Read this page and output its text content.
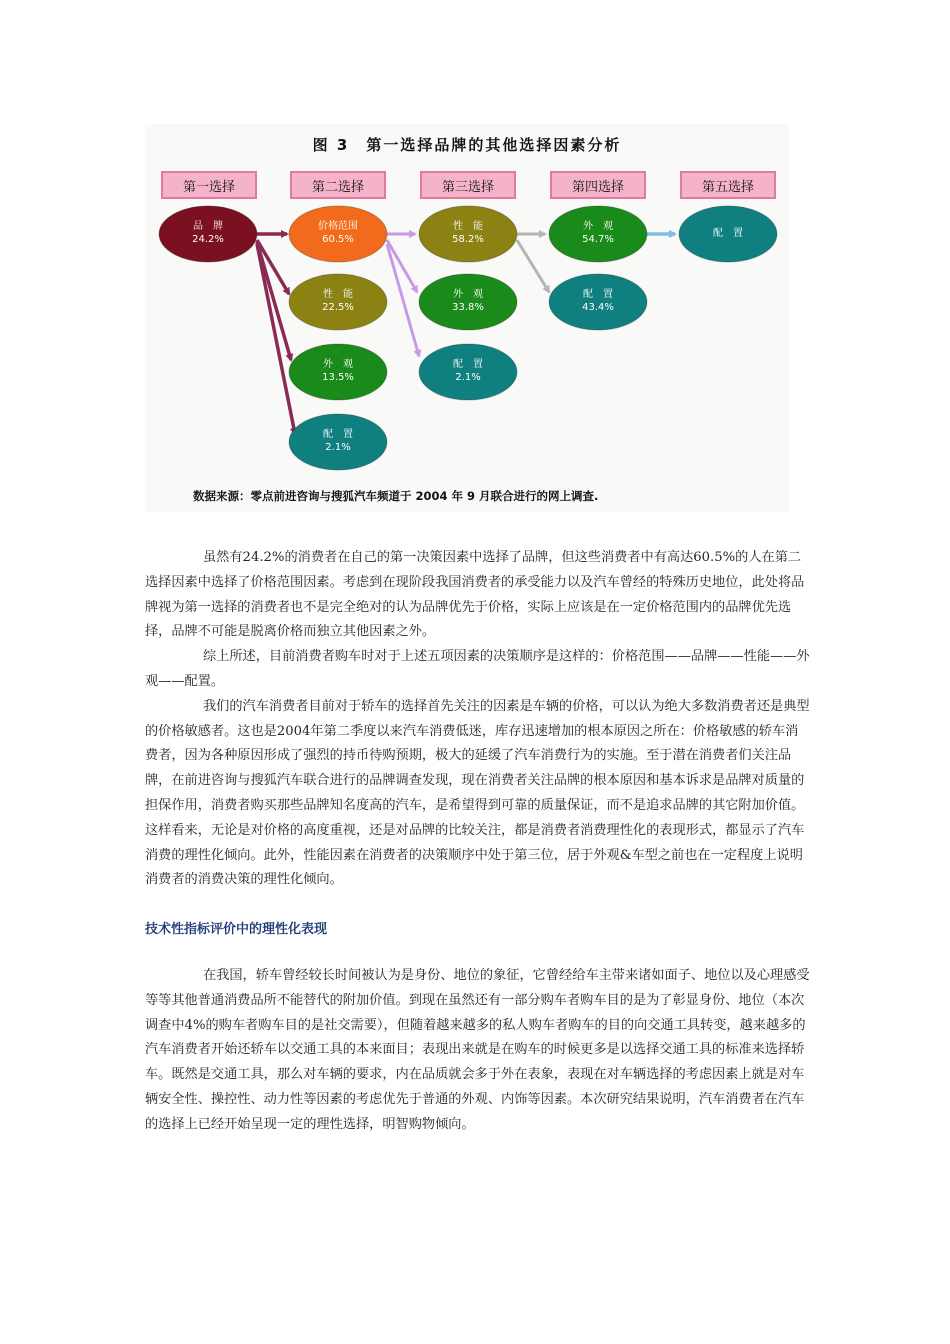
图 3　第一选择品牌的其他选择因素分析
第一选择	第二选择	第三选择	第四选择	第五选择
品　牌
24.2%
价格范围
60.5%
性　能
22.5%
外　观
13.5%
配　置
2.1%
性　能
58.2%
外　观
33.8%
配　置
2.1%
外　观
54.7%
配　置
43.4%
配　置
数据来源：零点前进咨询与搜狐汽车频道于 2004 年 9 月联合进行的网上调查.

虽然有24.2%的消费者在自己的第一决策因素中选择了品牌，但这些消费者中有高达60.5%的人在第二选择因素中选择了价格范围因素。考虑到在现阶段我国消费者的承受能力以及汽车曾经的特殊历史地位，此处将品牌视为第一选择的消费者也不是完全绝对的认为品牌优先于价格，实际上应该是在一定价格范围内的品牌优先选择，品牌不可能是脱离价格而独立其他因素之外。

综上所述，目前消费者购车时对于上述五项因素的决策顺序是这样的：价格范围——品牌——性能——外观——配置。

我们的汽车消费者目前对于轿车的选择首先关注的因素是车辆的价格，可以认为绝大多数消费者还是典型的价格敏感者。这也是2004年第二季度以来汽车消费低迷，库存迅速增加的根本原因之所在：价格敏感的轿车消费者，因为各种原因形成了强烈的持币待购预期，极大的延缓了汽车消费行为的实施。至于潜在消费者们关注品牌，在前进咨询与搜狐汽车联合进行的品牌调查发现，现在消费者关注品牌的根本原因和基本诉求是品牌对质量的担保作用，消费者购买那些品牌知名度高的汽车，是希望得到可靠的质量保证，而不是追求品牌的其它附加价值。这样看来，无论是对价格的高度重视，还是对品牌的比较关注，都是消费者消费理性化的表现形式，都显示了汽车消费的理性化倾向。此外，性能因素在消费者的决策顺序中处于第三位，居于外观&车型之前也在一定程度上说明消费者的消费决策的理性化倾向。

技术性指标评价中的理性化表现

在我国，轿车曾经较长时间被认为是身份、地位的象征，它曾经给车主带来诸如面子、地位以及心理感受等等其他普通消费品所不能替代的附加价值。到现在虽然还有一部分购车者购车目的是为了彰显身份、地位（本次调查中4%的购车者购车目的是社交需要），但随着越来越多的私人购车者购车的目的向交通工具转变，越来越多的汽车消费者开始还轿车以交通工具的本来面目；表现出来就是在购车的时候更多是以选择交通工具的标准来选择轿车。既然是交通工具，那么对车辆的要求，内在品质就会多于外在表象，表现在对车辆选择的考虑因素上就是对车辆安全性、操控性、动力性等因素的考虑优先于普通的外观、内饰等因素。本次研究结果说明，汽车消费者在汽车的选择上已经开始呈现一定的理性选择，明智购物倾向。
